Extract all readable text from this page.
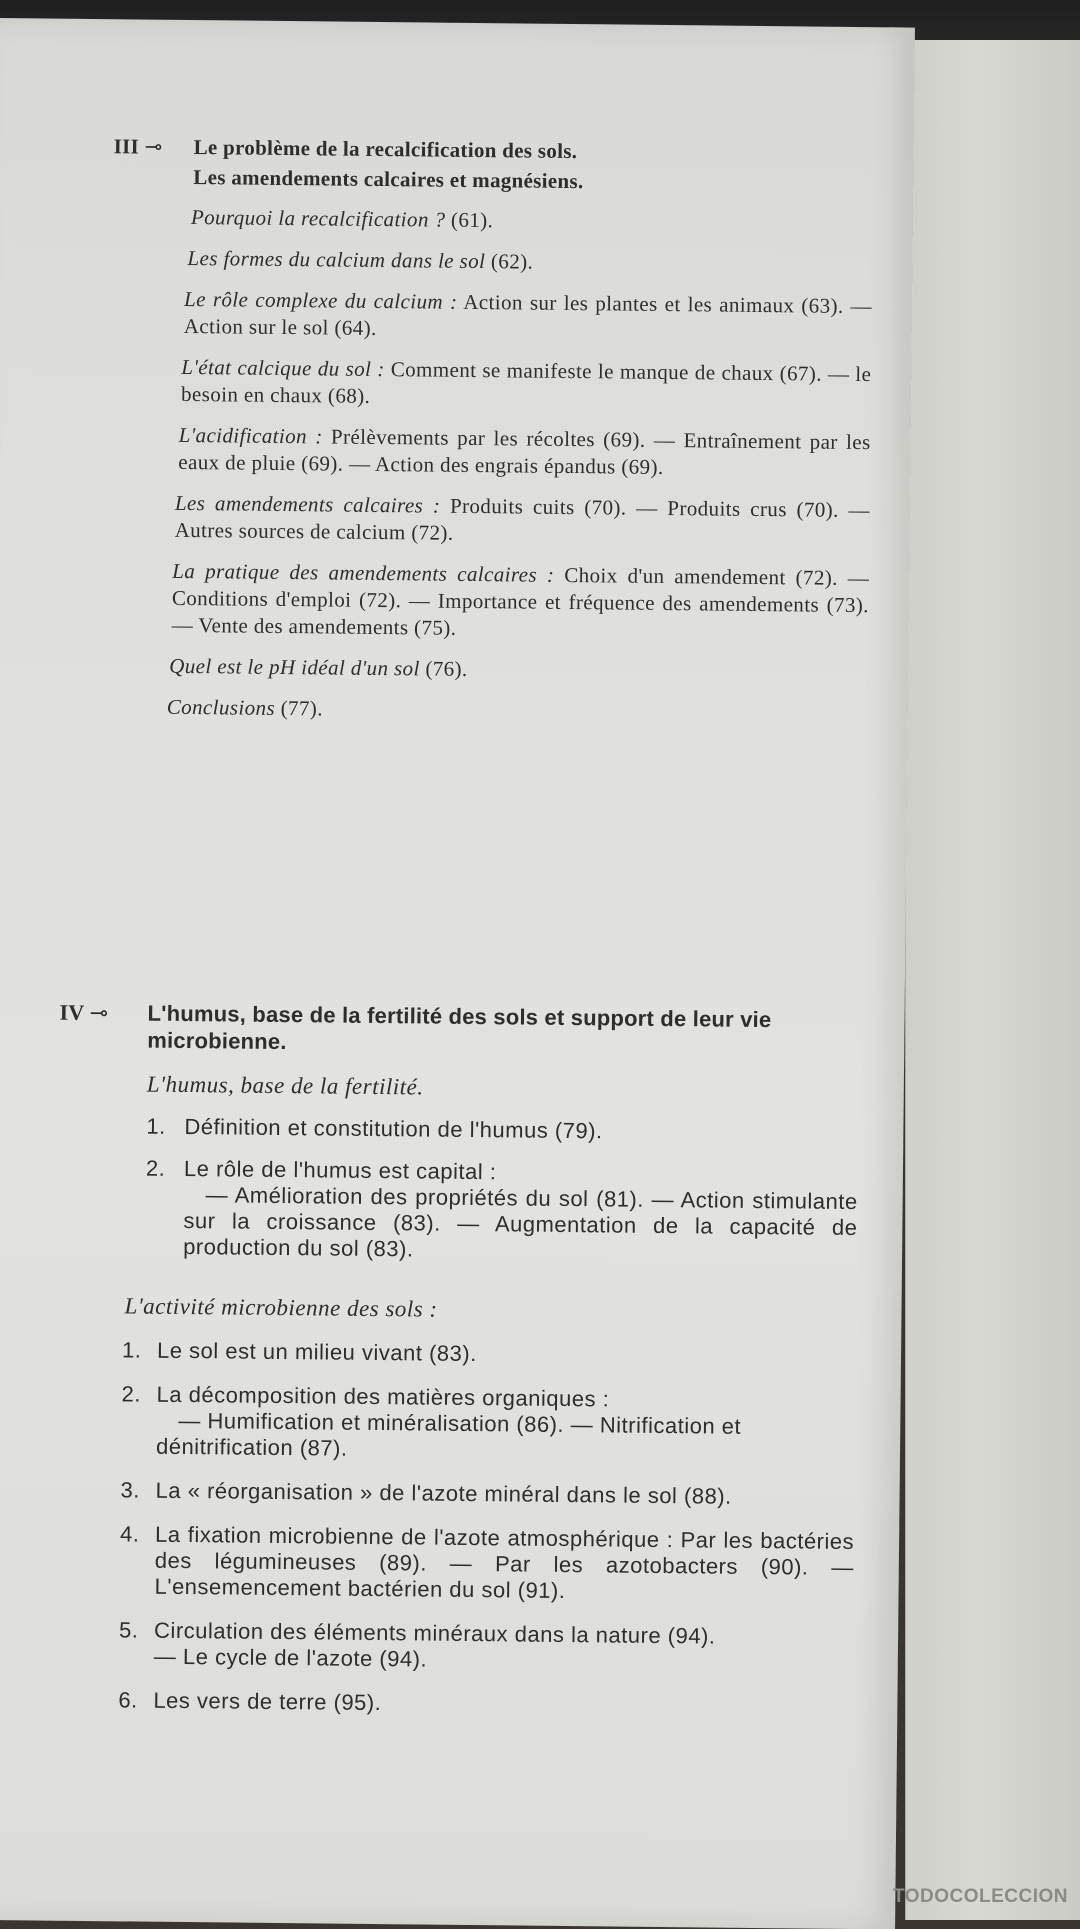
III ⊸ Le problème de la recalcification des sols.
Les amendements calcaires et magnésiens.

Pourquoi la recalcification ? (61).

Les formes du calcium dans le sol (62).

Le rôle complexe du calcium : Action sur les plantes et les animaux (63). — Action sur le sol (64).

L'état calcique du sol : Comment se manifeste le manque de chaux (67). — le besoin en chaux (68).

L'acidification : Prélèvements par les récoltes (69). — Entraînement par les eaux de pluie (69). — Action des engrais épandus (69).

Les amendements calcaires : Produits cuits (70). — Produits crus (70). — Autres sources de calcium (72).

La pratique des amendements calcaires : Choix d'un amendement (72). — Conditions d'emploi (72). — Importance et fréquence des amendements (73). — Vente des amendements (75).

Quel est le pH idéal d'un sol (76).

Conclusions (77).

IV ⊸ L'humus, base de la fertilité des sols et support de leur vie microbienne.

L'humus, base de la fertilité.

1. Définition et constitution de l'humus (79).
2. Le rôle de l'humus est capital :
— Amélioration des propriétés du sol (81). — Action stimulante sur la croissance (83). — Augmentation de la capacité de production du sol (83).

L'activité microbienne des sols :

1. Le sol est un milieu vivant (83).
2. La décomposition des matières organiques :
— Humification et minéralisation (86). — Nitrification et dénitrification (87).
3. La « réorganisation » de l'azote minéral dans le sol (88).
4. La fixation microbienne de l'azote atmosphérique : Par les bactéries des légumineuses (89). — Par les azotobacters (90). — L'ensemencement bactérien du sol (91).
5. Circulation des éléments minéraux dans la nature (94).
— Le cycle de l'azote (94).
6. Les vers de terre (95).
TODOCOLECCION
